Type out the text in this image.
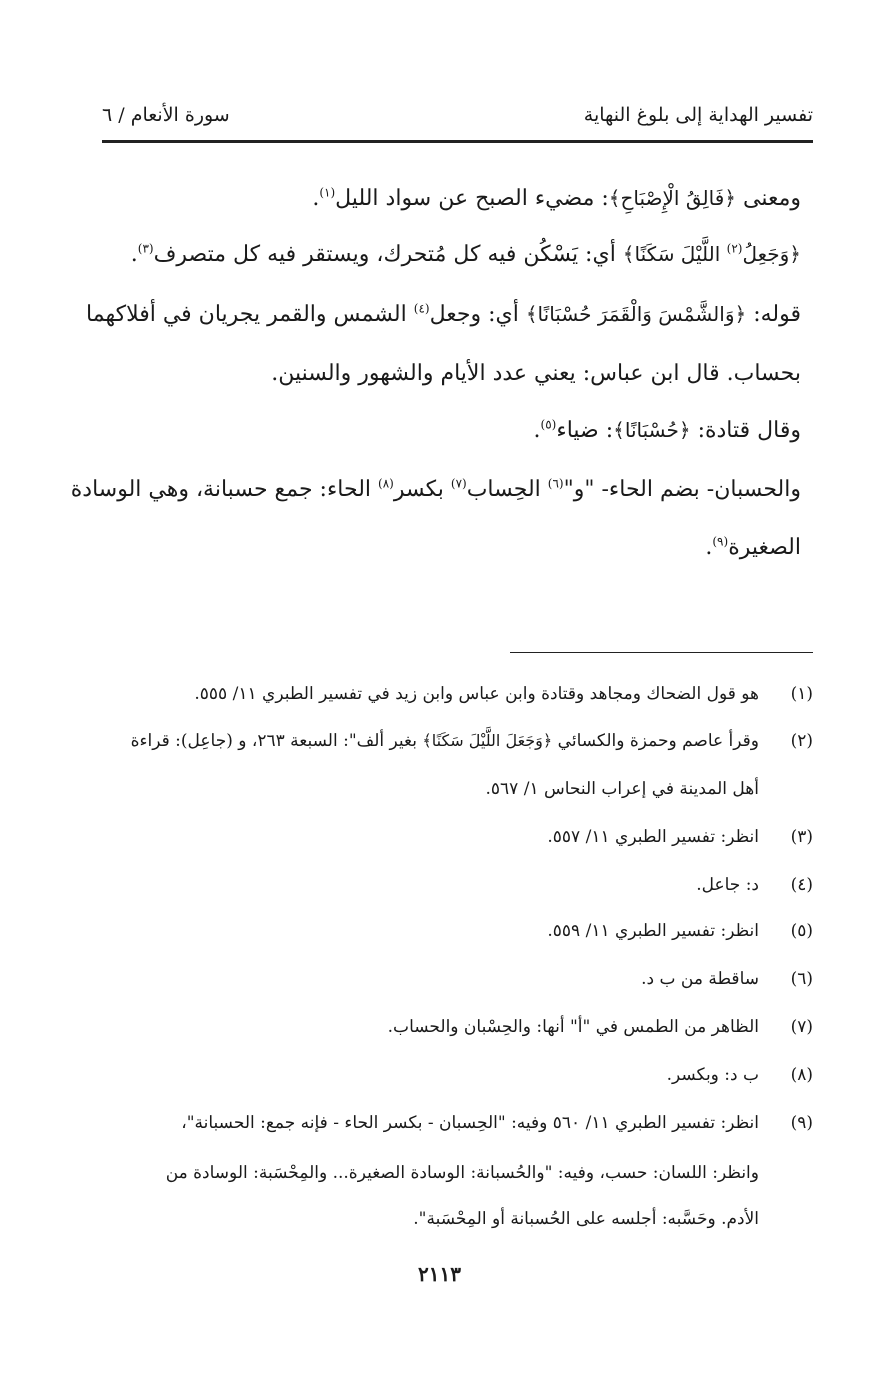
تفسير الهداية إلى بلوغ النهاية
سورة الأنعام / ٦
ومعنى ﴿فَالِقُ الْإِصْبَاحِ﴾: مضيء الصبح عن سواد الليل$^{(١)}$.
﴿وَجَعِلُ$^{(٢)}$ اللَّيْلَ سَكَنًا﴾ أي: يَسْكُن فيه كل مُتحرك، ويستقر فيه كل متصرف$^{(٣)}$.
قوله: ﴿وَالشَّمْسَ وَالْقَمَرَ حُسْبَانًا﴾ أي: وجعل$^{(٤)}$ الشمس والقمر يجريان في أفلاكهما
بحساب. قال ابن عباس: يعني عدد الأيام والشهور والسنين.
وقال قتادة: ﴿حُسْبَانًا﴾: ضياء$^{(٥)}$.
والحسبان- بضم الحاء- "و"$^{(٦)}$ الحِساب$^{(٧)}$ بكسر$^{(٨)}$ الحاء: جمع حسبانة، وهي الوسادة
الصغيرة$^{(٩)}$.
(١)هو قول الضحاك ومجاهد وقتادة وابن عباس وابن زيد في تفسير الطبري ١١/ ٥٥٥.
(٢)وقرأ عاصم وحمزة والكسائي ﴿وَجَعَلَ اللَّيْلَ سَكَنًا﴾ بغير ألف": السبعة ٢٦٣، و (جاعِل): قراءة
أهل المدينة في إعراب النحاس ١/ ٥٦٧.
(٣)انظر: تفسير الطبري ١١/ ٥٥٧.
(٤)د: جاعل.
(٥)انظر: تفسير الطبري ١١/ ٥٥٩.
(٦)ساقطة من ب د.
(٧)الظاهر من الطمس في "أ" أنها: والحِسْبان والحساب.
(٨)ب د: وبكسر.
(٩)انظر: تفسير الطبري ١١/ ٥٦٠ وفيه: "الحِسبان - بكسر الحاء - فإنه جمع: الحسبانة"،
وانظر: اللسان: حسب، وفيه: "والحُسبانة: الوسادة الصغيرة... والمِحْسَبة: الوسادة من
الأدم. وحَسَّبه: أجلسه على الحُسبانة أو المِحْسَبة".
٢١١٣
